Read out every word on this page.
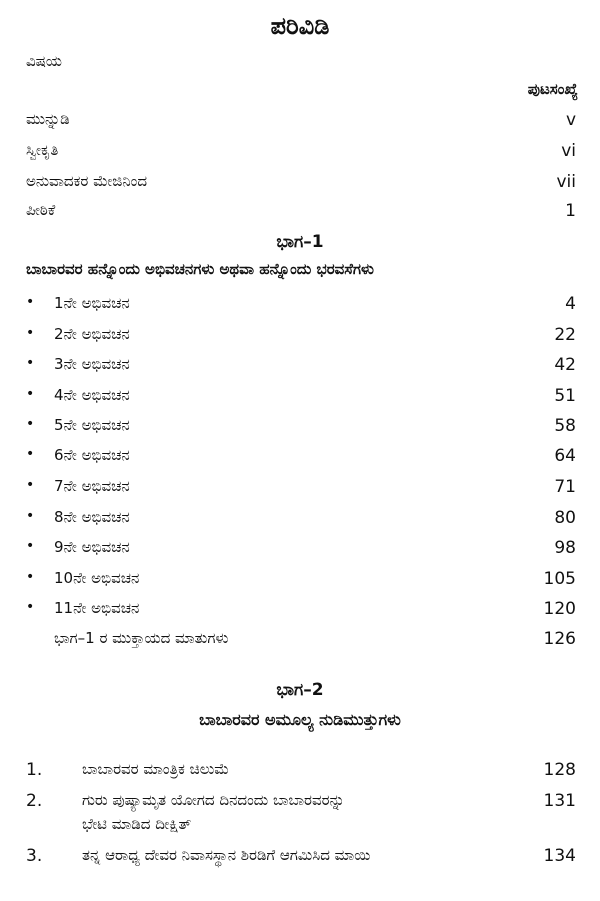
ಪರಿವಿಡಿ
ವಿಷಯ
ಪುಟಸಂಖ್ಯೆ
ಮುನ್ನುಡಿ	v
ಸ್ವೀಕೃತಿ	vi
ಅನುವಾದಕರ ಮೇಜಿನಿಂದ	vii
ಪೀಠಿಕೆ	1
ಭಾಗ–1
ಬಾಬಾರವರ ಹನ್ನೊಂದು ಅಭಿವಚನಗಳು ಅಥವಾ ಹನ್ನೊಂದು ಭರವಸೆಗಳು
• 1ನೇ ಅಭಿವಚನ	4
• 2ನೇ ಅಭಿವಚನ	22
• 3ನೇ ಅಭಿವಚನ	42
• 4ನೇ ಅಭಿವಚನ	51
• 5ನೇ ಅಭಿವಚನ	58
• 6ನೇ ಅಭಿವಚನ	64
• 7ನೇ ಅಭಿವಚನ	71
• 8ನೇ ಅಭಿವಚನ	80
• 9ನೇ ಅಭಿವಚನ	98
• 10ನೇ ಅಭಿವಚನ	105
• 11ನೇ ಅಭಿವಚನ	120
ಭಾಗ–1 ರ ಮುಕ್ತಾಯದ ಮಾತುಗಳು	126
ಭಾಗ–2
ಬಾಬಾರವರ ಅಮೂಲ್ಯ ನುಡಿಮುತ್ತುಗಳು
1.	ಬಾಬಾರವರ ಮಾಂತ್ರಿಕ ಚಿಲುಮೆ	128
2.	ಗುರು ಪುಷ್ಯಾಮೃತ ಯೋಗದ ದಿನದಂದು ಬಾಬಾರವರನ್ನು
ಭೇಟಿ ಮಾಡಿದ ದೀಕ್ಷಿತ್
131
3.	ತನ್ನ ಆರಾಧ್ಯ ದೇವರ ನಿವಾಸಸ್ಥಾನ ಶಿರಡಿಗೆ ಆಗಮಿಸಿದ ಮಾಯಿ	134
